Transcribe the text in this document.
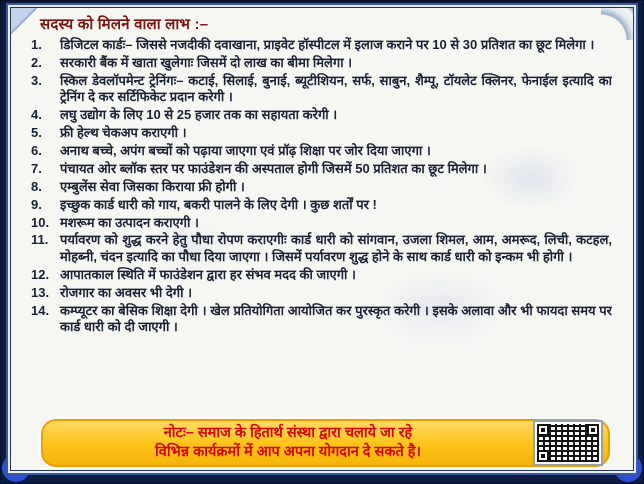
सदस्य को मिलने वाला लाभ :–
1.	डिजिटल कार्डः– जिससे नजदीकी दवाखाना, प्राइवेट हॉस्पीटल में इलाज कराने पर 10 से 30 प्रतिशत का छूट मिलेगा ।
2.	सरकारी बैंक में खाता खुलेगाः जिसमें दो लाख का बीमा मिलेगा ।
3.	स्किल डेवलॉपमेन्ट ट्रेनिंगः– कटाई, सिलाई, बुनाई, ब्यूटीशियन, सर्फ, साबुन, शैम्पू, टॉयलेट क्लिनर, फेनाईल इत्यादि का ट्रेनिंग दे कर सर्टिफिकेट प्रदान करेगी ।
4.	लघु उद्योग के लिए 10 से 25 हजार तक का सहायता करेगी ।
5.	फ्री हेल्थ चेकअप कराएगी ।
6.	अनाथ बच्चे, अपंग बच्चों को पढ़ाया जाएगा एवं प्रॉढ़ शिक्षा पर जोर दिया जाएगा ।
7.	पंचायत ओर ब्लॉक स्तर पर फाउंडेशन की अस्पताल होगी जिसमें 50 प्रतिशत का छूट मिलेगा ।
8.	एम्बुलेंस सेवा जिसका किराया फ्री होगी ।
9.	इच्छुक कार्ड धारी को गाय, बकरी पालने के लिए देगी । कुछ शर्तों पर !
10. मशरूम का उत्पादन कराएगी ।
11. पर्यावरण को शुद्ध करने हेतु पौधा रोपण कराएगीः कार्ड धारी को सांगवान, उजला शिमल, आम, अमरूद, लिची, कटहल, मोहब्नी, चंदन इत्यादि का पौधा दिया जाएगा । जिसमें पर्यावरण शुद्ध होने के साथ कार्ड धारी को इन्कम भी होगी ।
12. आपातकाल स्थिति में फाउंडेशन द्वारा हर संभव मदद की जाएगी ।
13. रोजगार का अवसर भी देगी ।
14. कम्प्यूटर का बेसिक शिक्षा देगी । खेल प्रतियोगिता आयोजित कर पुरस्कृत करेगी । इसके अलावा और भी फायदा समय पर कार्ड धारी को दी जाएगी ।
नोटः– समाज के हितार्थ संस्था द्वारा चलाये जा रहे
विभिन्न कार्यक्रमों में आप अपना योगदान दे सकते है।
